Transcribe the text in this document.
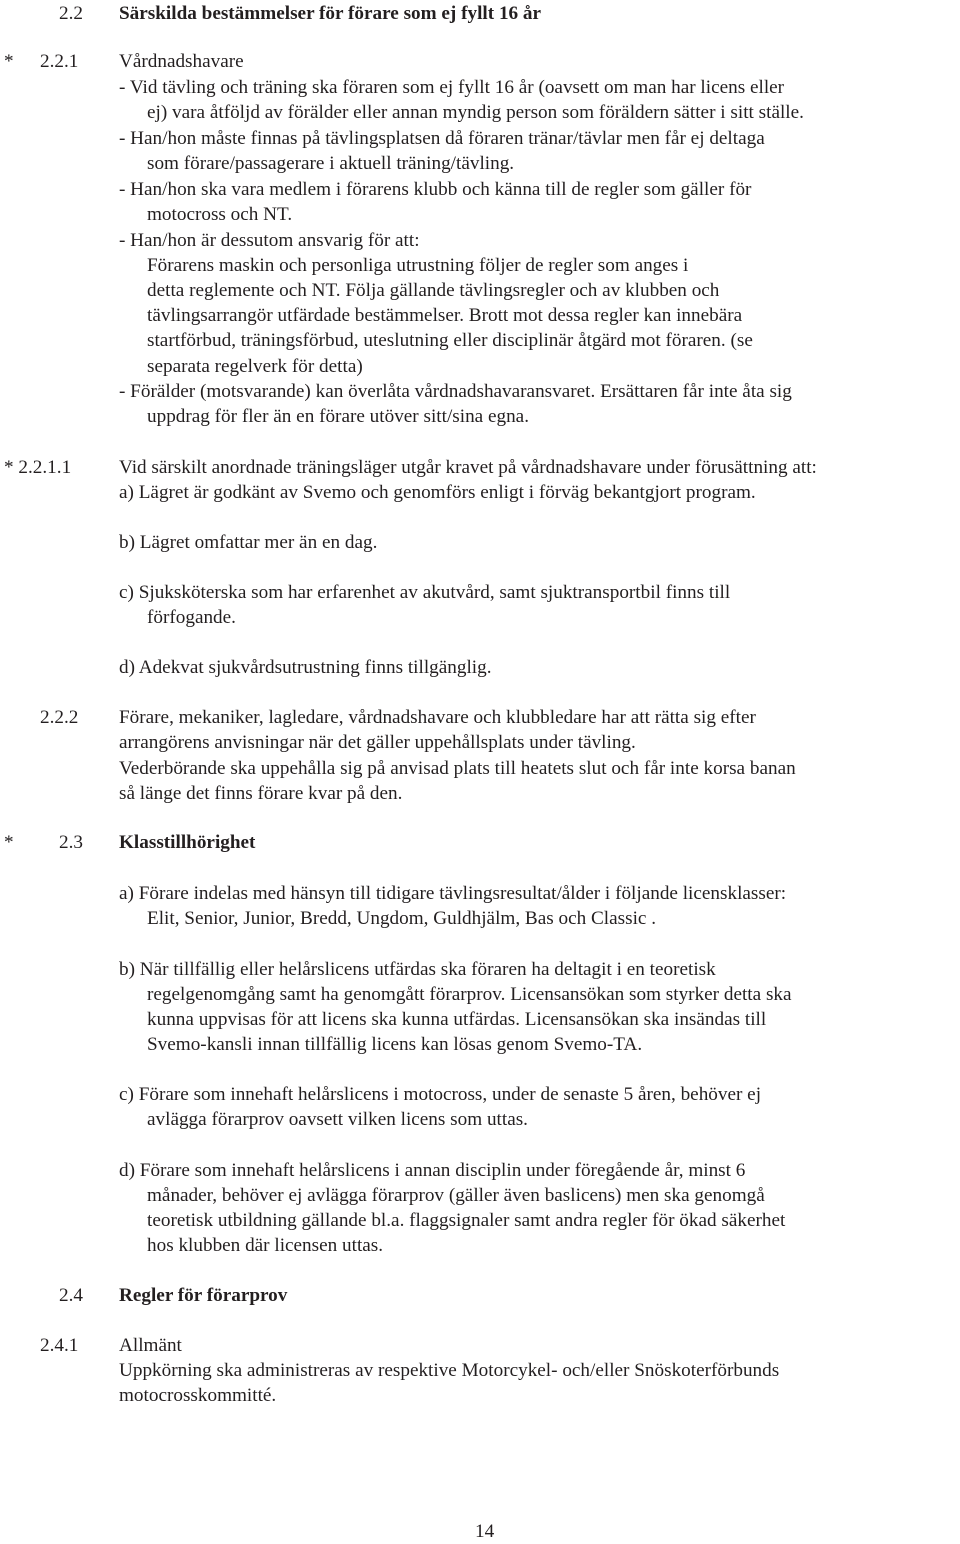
2.2 Särskilda bestämmelser för förare som ej fyllt 16 år
* 2.2.1 Vårdnadshavare
- Vid tävling och träning ska föraren som ej fyllt 16 år (oavsett om man har licens eller
ej) vara åtföljd av förälder eller annan myndig person som föräldern sätter i sitt ställe.
- Han/hon måste finnas på tävlingsplatsen då föraren tränar/tävlar men får ej deltaga
som förare/passagerare i aktuell träning/tävling.
- Han/hon ska vara medlem i förarens klubb och känna till de regler som gäller för
motocross och NT.
- Han/hon är dessutom ansvarig för att:
Förarens maskin och personliga utrustning följer de regler som anges i
detta reglemente och NT. Följa gällande tävlingsregler och av klubben och
tävlingsarrangör utfärdade bestämmelser. Brott mot dessa regler kan innebära
startförbud, träningsförbud, uteslutning eller disciplinär åtgärd mot föraren. (se
separata regelverk för detta)
- Förälder (motsvarande) kan överlåta vårdnadshavaransvaret. Ersättaren får inte åta sig
uppdrag för fler än en förare utöver sitt/sina egna.
* 2.2.1.1 Vid särskilt anordnade träningsläger utgår kravet på vårdnadshavare under förusättning att:
a) Lägret är godkänt av Svemo och genomförs enligt i förväg bekantgjort program.
b) Lägret omfattar mer än en dag.
c) Sjuksköterska som har erfarenhet av akutvård, samt sjuktransportbil finns till
förfogande.
d) Adekvat sjukvårdsutrustning finns tillgänglig.
2.2.2 Förare, mekaniker, lagledare, vårdnadshavare och klubbledare har att rätta sig efter
arrangörens anvisningar när det gäller uppehållsplats under tävling.
Vederbörande ska uppehålla sig på anvisad plats till heatets slut och får inte korsa banan
så länge det finns förare kvar på den.
* 2.3 Klasstillhörighet
a) Förare indelas med hänsyn till tidigare tävlingsresultat/ålder i följande licensklasser:
Elit, Senior, Junior, Bredd, Ungdom, Guldhjälm, Bas och Classic .
b) När tillfällig eller helårslicens utfärdas ska föraren ha deltagit i en teoretisk
regelgenomgång samt ha genomgått förarprov. Licensansökan som styrker detta ska
kunna uppvisas för att licens ska kunna utfärdas. Licensansökan ska insändas till
Svemo-kansli innan tillfällig licens kan lösas genom Svemo-TA.
c) Förare som innehaft helårslicens i motocross, under de senaste 5 åren, behöver ej
avlägga förarprov oavsett vilken licens som uttas.
d) Förare som innehaft helårslicens i annan disciplin under föregående år, minst 6
månader, behöver ej avlägga förarprov (gäller även baslicens) men ska genomgå
teoretisk utbildning gällande bl.a. flaggsignaler samt andra regler för ökad säkerhet
hos klubben där licensen uttas.
2.4 Regler för förarprov
2.4.1 Allmänt
Uppkörning ska administreras av respektive Motorcykel- och/eller Snöskoterförbunds
motocrosskommitté.
14
